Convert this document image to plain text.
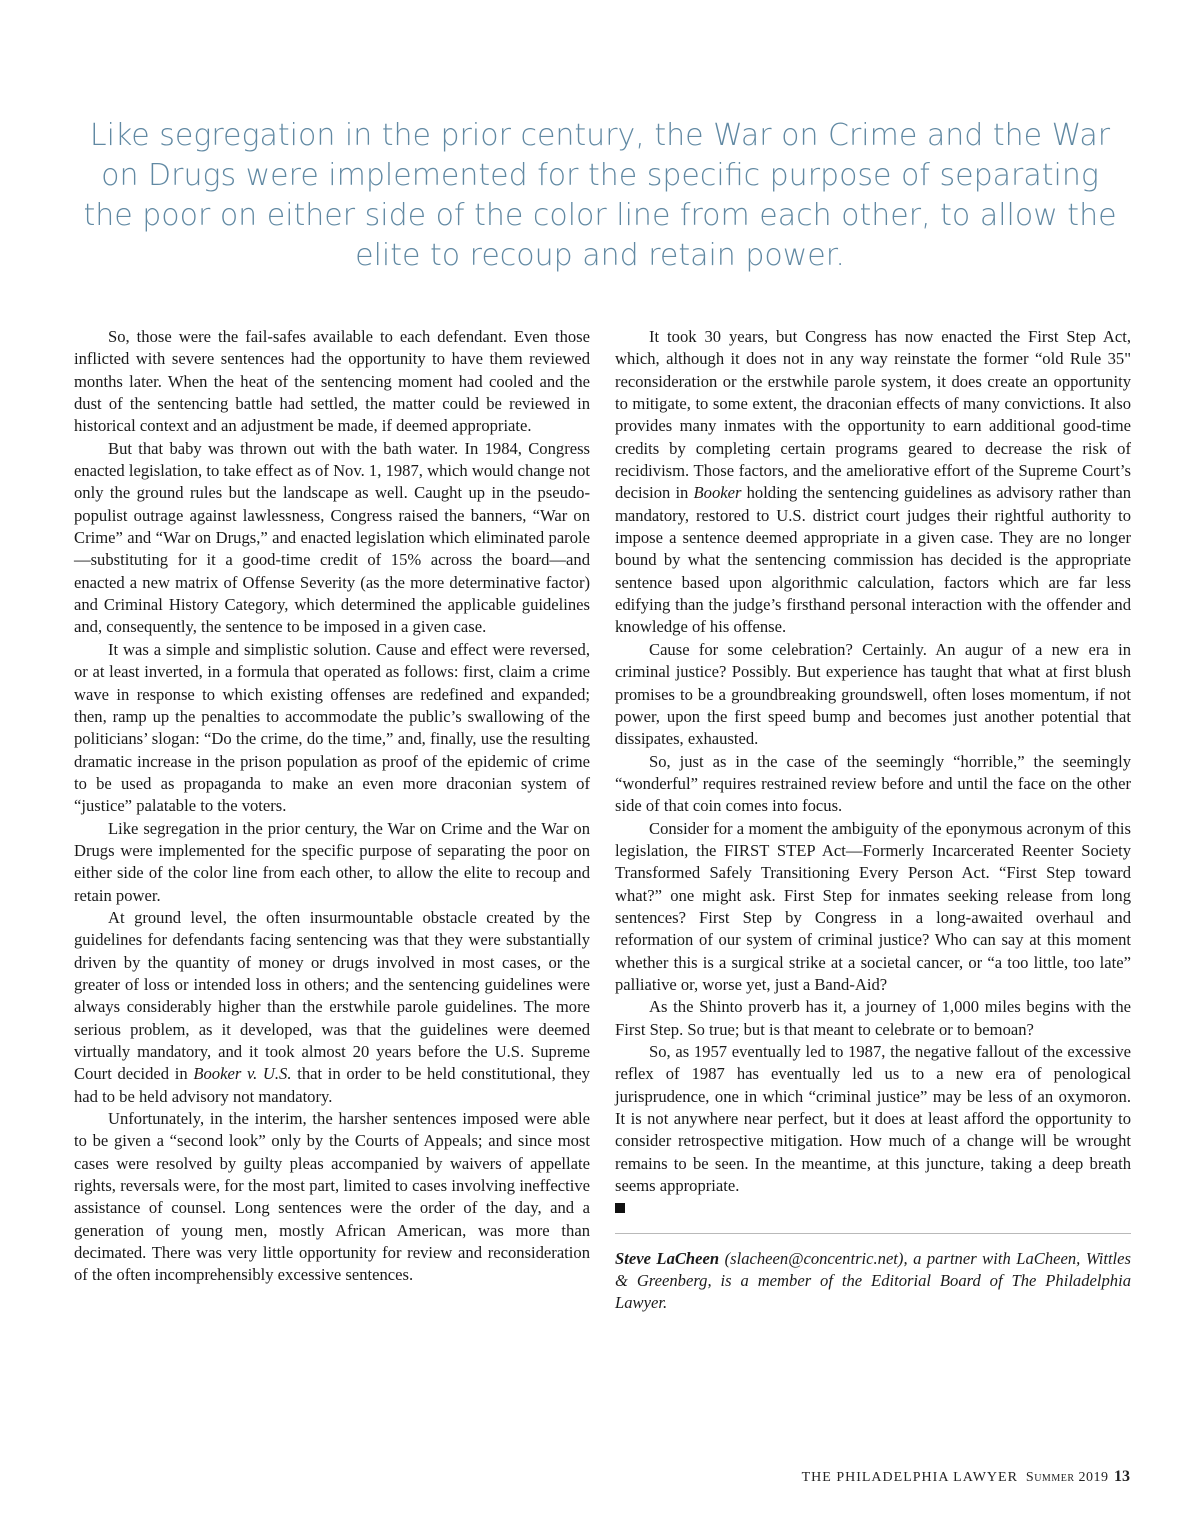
Like segregation in the prior century, the War on Crime and the War on Drugs were implemented for the specific purpose of separating the poor on either side of the color line from each other, to allow the elite to recoup and retain power.

So, those were the fail-safes available to each defendant. Even those inflicted with severe sentences had the opportunity to have them reviewed months later. When the heat of the sentencing moment had cooled and the dust of the sentencing battle had settled, the matter could be reviewed in historical context and an adjustment be made, if deemed appropriate.

But that baby was thrown out with the bath water. In 1984, Congress enacted legislation, to take effect as of Nov. 1, 1987, which would change not only the ground rules but the landscape as well. Caught up in the pseudo-populist outrage against lawlessness, Congress raised the banners, “War on Crime” and “War on Drugs,” and enacted legislation which eliminated parole—substituting for it a good-time credit of 15% across the board—and enacted a new matrix of Offense Severity (as the more determinative factor) and Criminal History Category, which determined the applicable guidelines and, consequently, the sentence to be imposed in a given case.

It was a simple and simplistic solution. Cause and effect were reversed, or at least inverted, in a formula that operated as follows: first, claim a crime wave in response to which existing offenses are redefined and expanded; then, ramp up the penalties to accommodate the public’s swallowing of the politicians’ slogan: “Do the crime, do the time,” and, finally, use the resulting dramatic increase in the prison population as proof of the epidemic of crime to be used as propaganda to make an even more draconian system of “justice” palatable to the voters.

Like segregation in the prior century, the War on Crime and the War on Drugs were implemented for the specific purpose of separating the poor on either side of the color line from each other, to allow the elite to recoup and retain power.

At ground level, the often insurmountable obstacle created by the guidelines for defendants facing sentencing was that they were substantially driven by the quantity of money or drugs involved in most cases, or the greater of loss or intended loss in others; and the sentencing guidelines were always considerably higher than the erstwhile parole guidelines. The more serious problem, as it developed, was that the guidelines were deemed virtually mandatory, and it took almost 20 years before the U.S. Supreme Court decided in Booker v. U.S. that in order to be held constitutional, they had to be held advisory not mandatory.

Unfortunately, in the interim, the harsher sentences imposed were able to be given a “second look” only by the Courts of Appeals; and since most cases were resolved by guilty pleas accompanied by waivers of appellate rights, reversals were, for the most part, limited to cases involving ineffective assistance of counsel. Long sentences were the order of the day, and a generation of young men, mostly African American, was more than decimated. There was very little opportunity for review and reconsideration of the often incomprehensibly excessive sentences.

It took 30 years, but Congress has now enacted the First Step Act, which, although it does not in any way reinstate the former “old Rule 35" reconsideration or the erstwhile parole system, it does create an opportunity to mitigate, to some extent, the draconian effects of many convictions. It also provides many inmates with the opportunity to earn additional good-time credits by completing certain programs geared to decrease the risk of recidivism. Those factors, and the ameliorative effort of the Supreme Court’s decision in Booker holding the sentencing guidelines as advisory rather than mandatory, restored to U.S. district court judges their rightful authority to impose a sentence deemed appropriate in a given case. They are no longer bound by what the sentencing commission has decided is the appropriate sentence based upon algorithmic calculation, factors which are far less edifying than the judge’s firsthand personal interaction with the offender and knowledge of his offense.

Cause for some celebration? Certainly. An augur of a new era in criminal justice? Possibly. But experience has taught that what at first blush promises to be a groundbreaking groundswell, often loses momentum, if not power, upon the first speed bump and becomes just another potential that dissipates, exhausted.

So, just as in the case of the seemingly “horrible,” the seemingly “wonderful” requires restrained review before and until the face on the other side of that coin comes into focus.

Consider for a moment the ambiguity of the eponymous acronym of this legislation, the FIRST STEP Act—Formerly Incarcerated Reenter Society Transformed Safely Transitioning Every Person Act. “First Step toward what?” one might ask. First Step for inmates seeking release from long sentences? First Step by Congress in a long-awaited overhaul and reformation of our system of criminal justice? Who can say at this moment whether this is a surgical strike at a societal cancer, or “a too little, too late” palliative or, worse yet, just a Band-Aid?

As the Shinto proverb has it, a journey of 1,000 miles begins with the First Step. So true; but is that meant to celebrate or to bemoan?

So, as 1957 eventually led to 1987, the negative fallout of the excessive reflex of 1987 has eventually led us to a new era of penological jurisprudence, one in which “criminal justice” may be less of an oxymoron. It is not anywhere near perfect, but it does at least afford the opportunity to consider retrospective mitigation. How much of a change will be wrought remains to be seen. In the meantime, at this juncture, taking a deep breath seems appropriate.

Steve LaCheen (slacheen@concentric.net), a partner with LaCheen, Wittles & Greenberg, is a member of the Editorial Board of The Philadelphia Lawyer.

THE PHILADELPHIA LAWYER Summer 2019 13
